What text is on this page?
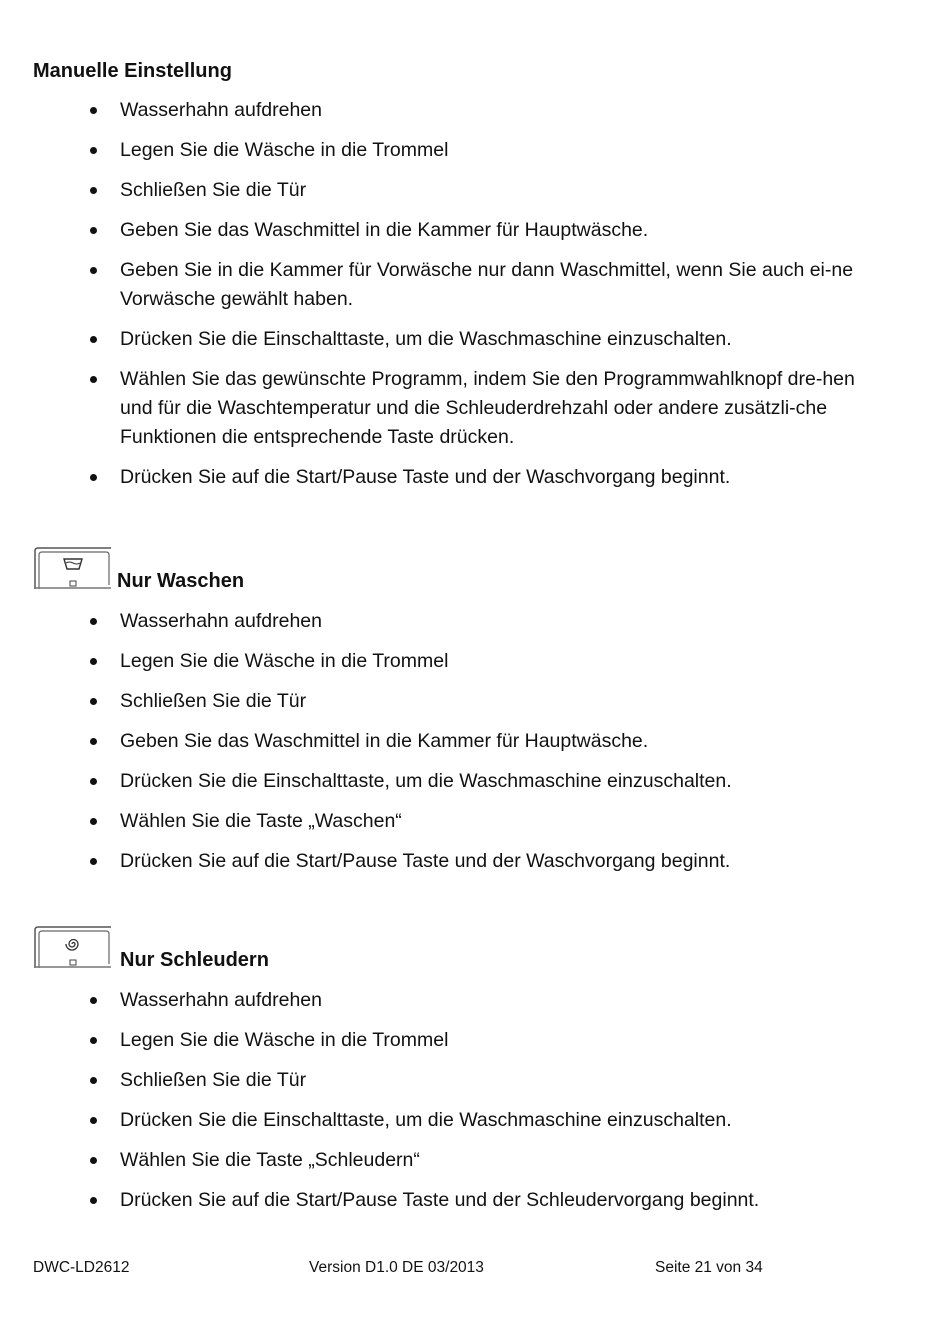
Manuelle Einstellung
Wasserhahn aufdrehen
Legen Sie die Wäsche in die Trommel
Schließen Sie die Tür
Geben Sie das Waschmittel in die Kammer für Hauptwäsche.
Geben Sie in die Kammer für Vorwäsche nur dann Waschmittel, wenn Sie auch ei-ne Vorwäsche gewählt haben.
Drücken Sie die Einschalttaste, um die Waschmaschine einzuschalten.
Wählen Sie das gewünschte Programm, indem Sie den Programmwahlknopf dre-hen und für die Waschtemperatur und die Schleuderdrehzahl oder andere zusätzli-che Funktionen die entsprechende Taste drücken.
Drücken Sie auf die Start/Pause Taste und der Waschvorgang beginnt.
Nur Waschen
Wasserhahn aufdrehen
Legen Sie die Wäsche in die Trommel
Schließen Sie die Tür
Geben Sie das Waschmittel in die Kammer für Hauptwäsche.
Drücken Sie die Einschalttaste, um die Waschmaschine einzuschalten.
Wählen Sie die Taste „Waschen“
Drücken Sie auf die Start/Pause Taste und der Waschvorgang beginnt.
Nur Schleudern
Wasserhahn aufdrehen
Legen Sie die Wäsche in die Trommel
Schließen Sie die Tür
Drücken Sie die Einschalttaste, um die Waschmaschine einzuschalten.
Wählen Sie die Taste „Schleudern“
Drücken Sie auf die Start/Pause Taste und der Schleudervorgang beginnt.
DWC-LD2612	Version D1.0 DE 03/2013	Seite 21 von 34
